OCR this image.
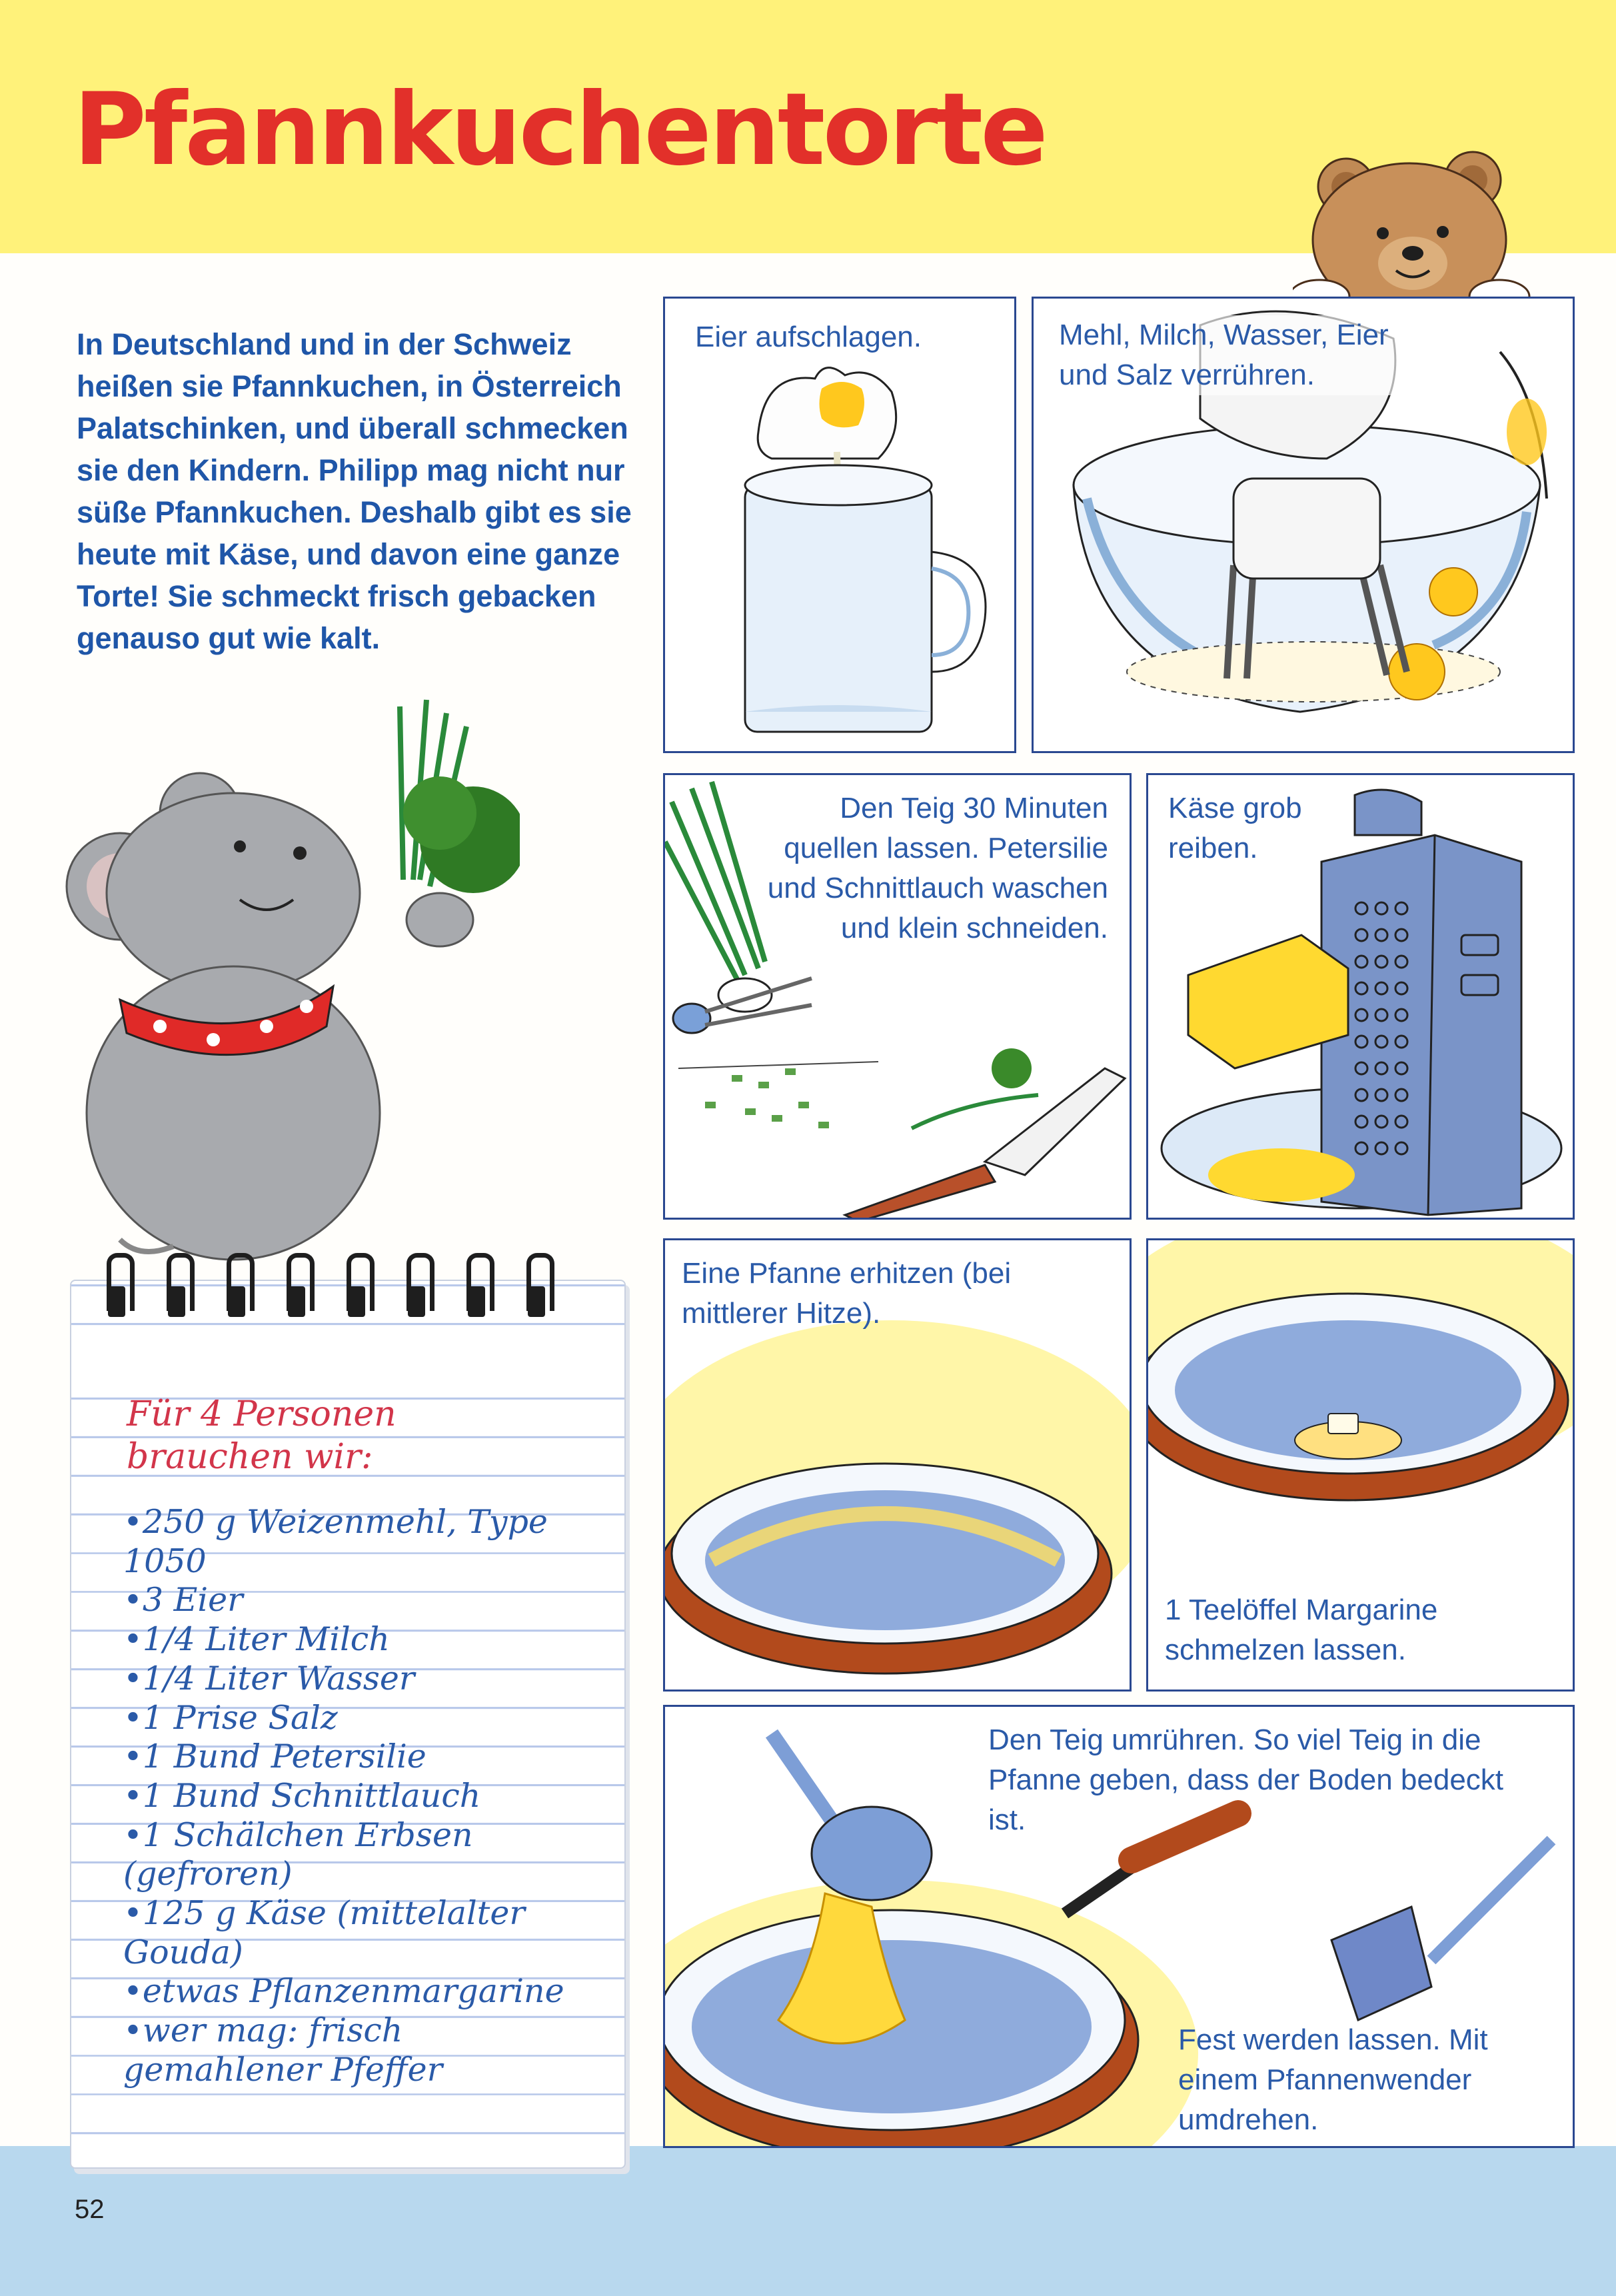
Pfannkuchentorte

In Deutschland und in der Schweiz heißen sie Pfannkuchen, in Österreich Palatschinken, und überall schmecken sie den Kindern. Philipp mag nicht nur süße Pfannkuchen. Deshalb gibt es sie heute mit Käse, und davon eine ganze Torte! Sie schmeckt frisch gebacken genauso gut wie kalt.

Eier aufschlagen.	Mehl, Milch, Wasser, Eier und Salz verrühren.
Den Teig 30 Minuten quellen lassen. Petersilie und Schnittlauch waschen und klein schneiden.
Käse grob reiben.
Eine Pfanne erhitzen (bei mittlerer Hitze).
1 Teelöffel Margarine schmelzen lassen.
Den Teig umrühren. So viel Teig in die Pfanne geben, dass der Boden bedeckt ist.
Fest werden lassen. Mit einem Pfannenwender umdrehen.
Für 4 Personen
brauchen wir:
• 250 g Weizenmehl, Type 1050
• 3 Eier
• 1/4 Liter Milch
• 1/4 Liter Wasser
• 1 Prise Salz
• 1 Bund Petersilie
• 1 Bund Schnittlauch
• 1 Schälchen Erbsen (gefroren)
• 125 g Käse (mittelalter Gouda)
• etwas Pflanzenmargarine
• wer mag: frisch gemahlener Pfeffer
52
